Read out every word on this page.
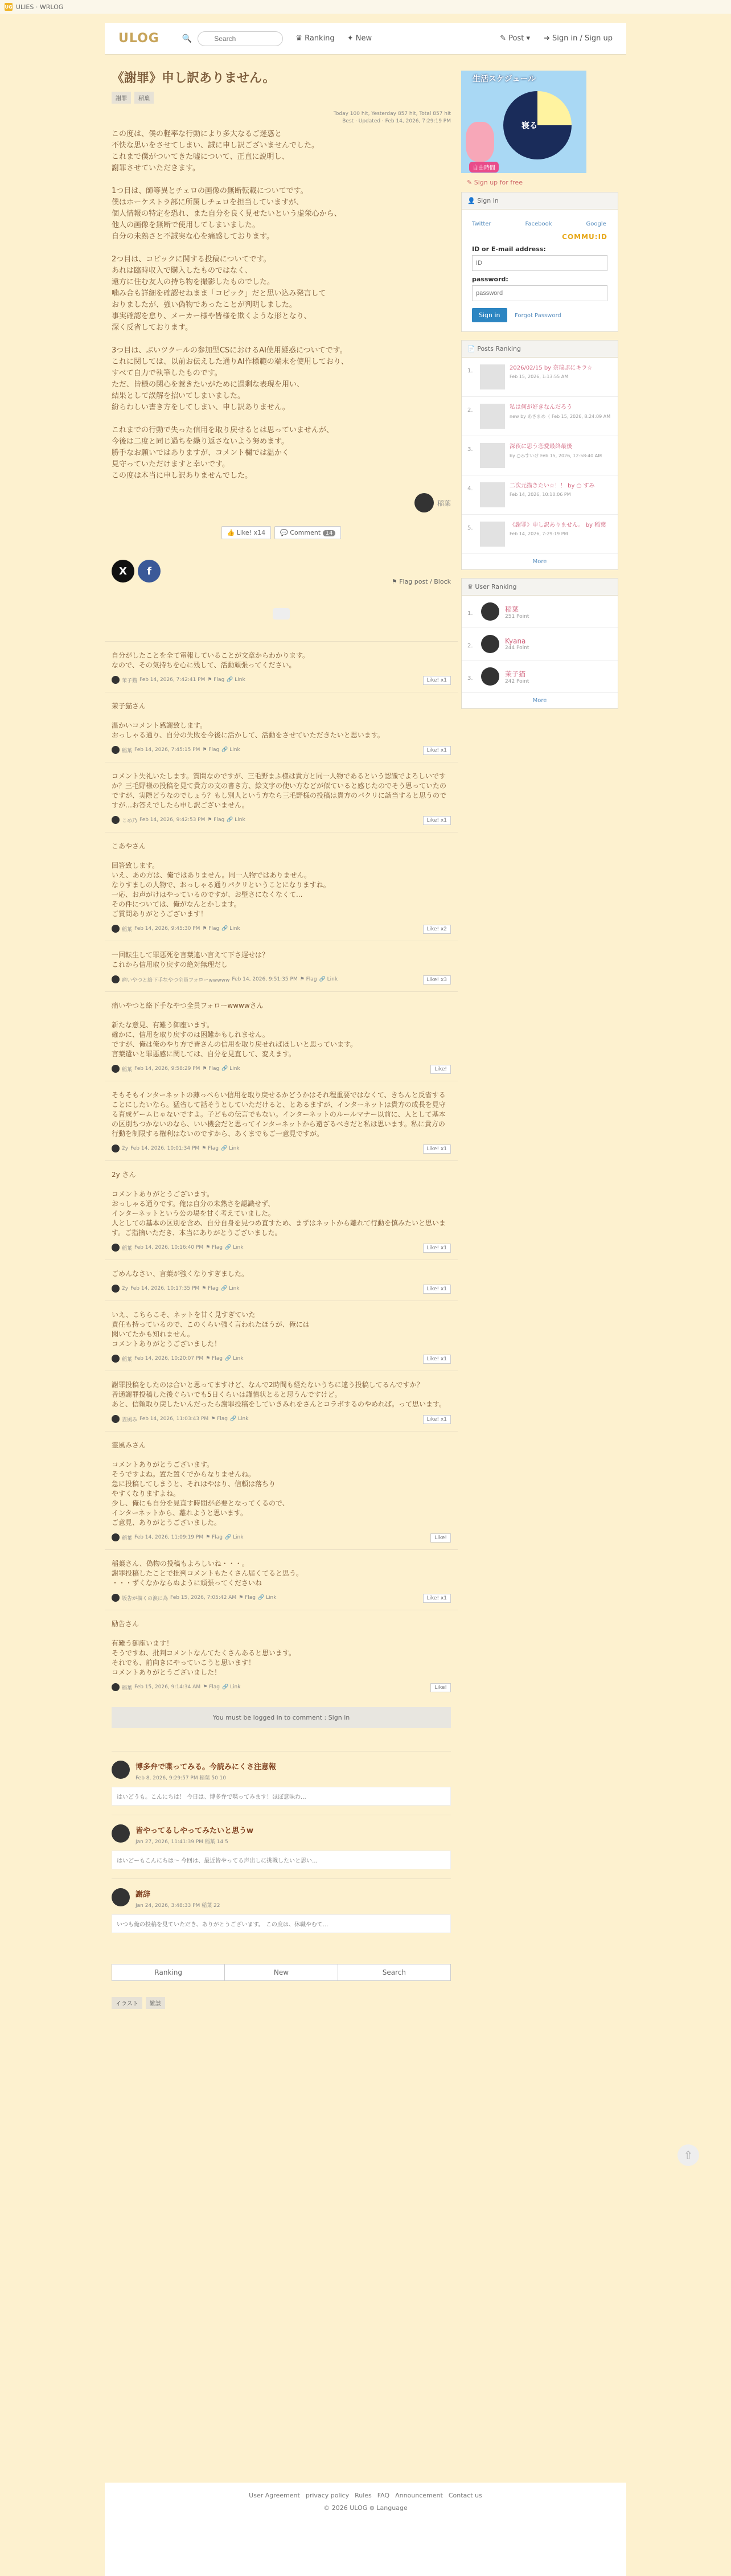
UG ULIES · WRLOG
ULOG	🔍
Search	♛ Ranking ✦ New	✎ Post ▾ ➜ Sign in / Sign up
《謝罪》申し訳ありません。
謝罪	稲葉
Today 100 hit, Yesterday 857 hit, Total 857 hit
Best · Updated · Feb 14, 2026, 7:29:19 PM

この度は、僕の軽率な行動により多大なるご迷惑と
不快な思いをさせてしまい、誠に申し訳ございませんでした。
これまで僕がついてきた嘘について、正直に説明し、
謝罪させていただきます。

1つ目は、師等異とチェロの画像の無断転載についてです。
僕はホーケストラ部に所属しチェロを担当していますが、
個人情報の特定を恐れ、また自分を良く見せたいという虚栄心から、
他人の画像を無断で使用してしまいました。
自分の未熟さと不誠実な心を痛感しております。

2つ目は、コピックに関する投稿についてです。
あれは臨時収入で購入したものではなく、
遠方に住む友人の持ち物を撮影したものでした。
噛み合も詳細を確認せねまま「コピック」だと思い込み発言して
おりましたが、強い偽物であったことが判明しました。
事実確認を怠り、メーカー様や皆様を欺くような形となり、
深く反省しております。

3つ目は、ぶいツクールの参加型CSにおけるAI使用疑惑についてです。
これに関しては、以前お伝えした通りAI作標範の端末を使用しており、
すべて自力で執筆したものです。
ただ、皆様の関心を惹きたいがために過剰な表現を用い、
結果として誤解を招いてしまいました。
紛らわしい書き方をしてしまい、申し訳ありません。

これまでの行動で失った信用を取り戻せるとは思っていませんが、
今後は二度と同じ過ちを繰り返さないよう努めます。
勝手なお願いではありますが、コメント欄では温かく
見守っていただけますと幸いです。
この度は本当に申し訳ありませんでした。

稲葉
👍 Like! x14	💬 Comment 14
X	f
⚑ Flag post / Block
自分がしたことを全て電報していることが文章からわかります。
なので、その気持ちを心に残して、活動頑張ってください。
茉子猫 Feb 14, 2026, 7:42:41 PM ⚑ Flag 🔗 Link	Like! x1
茉子猫さん

温かいコメント感謝致します。
おっしゃる通り、自分の失敗を今後に活かして、活動をさせていただきたいと思います。
稲葉 Feb 14, 2026, 7:45:15 PM ⚑ Flag 🔗 Link	Like! x1
コメント失礼いたします。質問なのですが、三毛野まふ様は貴方と同一人物であるという認識でよろしいですか？三毛野様の投稿を見て貴方の文の書き方、絵文字の使い方などが似ていると感じたのでそう思っていたのですが、実際どうなのでしょう？もし別人という方なら三毛野様の投稿は貴方のパクリに該当すると思うのですが…お答えでしたら申し訳ございません。
こめ乃 Feb 14, 2026, 9:42:53 PM ⚑ Flag 🔗 Link	Like! x1
こあやさん

回答致します。
いえ、あの方は、俺ではありません。同一人物ではありません。
なりすましの人物で、おっしゃる通りパクリということになりますね。
一応、お声がけはやっているのですが、お壁さになくなくて...
その件については、俺がなんとかします。
ご質問ありがとうございます！
稲葉 Feb 14, 2026, 9:45:30 PM ⚑ Flag 🔗 Link	Like! x2
一回転生して罪悪死を言葉違い言えて下さ遅せは？
これから信用取り戻すの絶対無理だし
痛いやつと絡下手なやつ全員フォローwwwww Feb 14, 2026, 9:51:35 PM ⚑ Flag 🔗 Link	Like! x3
痛いやつと絡下手なやつ全員フォローwwwwさん

新たな意見、有難う御座います。
確かに、信用を取り戻すのは困難かもしれません。
ですが、俺は俺のやり方で皆さんの信用を取り戻せればほしいと思っています。
言葉遣いと罪悪感に関しては、自分を見直して、変えます。
稲葉 Feb 14, 2026, 9:58:29 PM ⚑ Flag 🔗 Link	Like!
そもそもインターネットの薄っぺらい信用を取り戻せるかどうかはそれ程重要ではなくて、きちんと反省することにしたいなら。猛省して話そうとしていただけると、とあるますが、インターネットは貴方の成長を見守る育成ゲームじゃないですよ。子どもの伝言でもない。インターネットのルールマナー以前に、人として基本の区別ちつかないのなら、いい機会だと思ってインターネットから遠ざるべきだと私は思います。私に貴方の行動を制限する権利はないのですから、あくまでもご一意見ですが。
2y Feb 14, 2026, 10:01:34 PM ⚑ Flag 🔗 Link	Like! x1
2y さん

コメントありがとうございます。
おっしゃる通りです。俺は自分の未熟さを認識せず、
インターネットという公の場を甘く考えていました。
人としての基本の区別を含め、自分自身を見つめ直すため、まずはネットから離れて行動を慎みたいと思います。ご指摘いただき、本当にありがとうございました。
稲葉 Feb 14, 2026, 10:16:40 PM ⚑ Flag 🔗 Link	Like! x1
ごめんなさい、言葉が強くなりすぎました。
2y Feb 14, 2026, 10:17:35 PM ⚑ Flag 🔗 Link	Like! x1
いえ、こちらこそ、ネットを甘く見すぎていた
責任も持っているので、このくらい強く言われたほうが、俺には
聞いてたかも知れません。
コメントありがとうございました！
稲葉 Feb 14, 2026, 10:20:07 PM ⚑ Flag 🔗 Link	Like! x1
謝罪投稿をしたのは合いと思ってますけど、なんで2時間も経たないうちに違う投稿してるんですか？
普通謝罪投稿した後ぐらいでも5日くらいは謹慎状とると思うんですけど。
あと、信頼取り戻したいんだったら謝罪投稿をしていきみれをさんとコラボするのやめれば。って思います。
霊風み Feb 14, 2026, 11:03:43 PM ⚑ Flag 🔗 Link	Like! x1
霊風みさん

コメントありがとうございます。
そうですよね。置た置くでからなりませんね。
急に投稿してしまうと、それはやはり、信頼は落ちり
やすくなりますよね。
少し、俺にも自分を見直す時間が必要となってくるので、
インターネットから、離れようと思います。
ご意見、ありがとうございました。
稲葉 Feb 14, 2026, 11:09:19 PM ⚑ Flag 🔗 Link	Like!
稲葉さん、偽物の投稿もよろしいね・・・。
謝罪投稿したことで批判コメントもたくさん届くてると思う。
・・・ずくなかならぬように頑張ってくださいね
坂告が描くの涙に為 Feb 15, 2026, 7:05:42 AM ⚑ Flag 🔗 Link	Like! x1
励告さん

有難う御座います！
そうですね、批判コメントなんてたくさんあると思います。
それでも、前向きにやっていこうと思います！
コメントありがとうございました！
稲葉 Feb 15, 2026, 9:14:34 AM ⚑ Flag 🔗 Link	Like!
You must be logged in to comment : Sign in
博多弁で喋ってみる。今読みにくさ注意報
Feb 8, 2026, 9:29:57 PM 稲葉 50 10
はいどうも。こんにちは！ 今日は、博多弁で喋ってみます！ほぼ意味わ...
皆やってるしやってみたいと思うw
Jan 27, 2026, 11:41:39 PM 稲葉 14 5
はいどーもこんにちは〜 今回は、最近皆やってる声出しに挑戦したいと思い...
謝辞
Jan 24, 2026, 3:48:33 PM 稲葉 22
いつも俺の投稿を見ていただき、ありがとうございます。 この度は、休職やむて...
Ranking	New	Search
イラスト	雑談
生活スケジュール
寝る
自由時間
✎ Sign up for free
👤 Sign in
Twitter	Facebook	Google
COMMU:ID
ID or E-mail address:
ID
password:
password Sign in	Forgot Password
📄 Posts Ranking
1.	2026/02/15 by 奈瑞ぷにキラ☆
Feb 15, 2026, 1:13:55 AM
2.	私は何が好きなんだろう
new by あさまめ（ Feb 15, 2026, 8:24:09 AM
3.	深夜に思う恋愛最終最後
by ○みすいけ Feb 15, 2026, 12:58:40 AM
4.	二次元描きたい☆！！ by ○ すみ
Feb 14, 2026, 10:10:06 PM
5.	《謝罪》申し訳ありません。 by 稲葉
Feb 14, 2026, 7:29:19 PM
More
♛ User Ranking
1.
稲葉
251 Point
2.
Kyana
244 Point
3.
茉子猫
242 Point
More
User Agreement privacy policy Rules FAQ Announcement Contact us
© 2026 ULOG ⊕ Language
⇧
